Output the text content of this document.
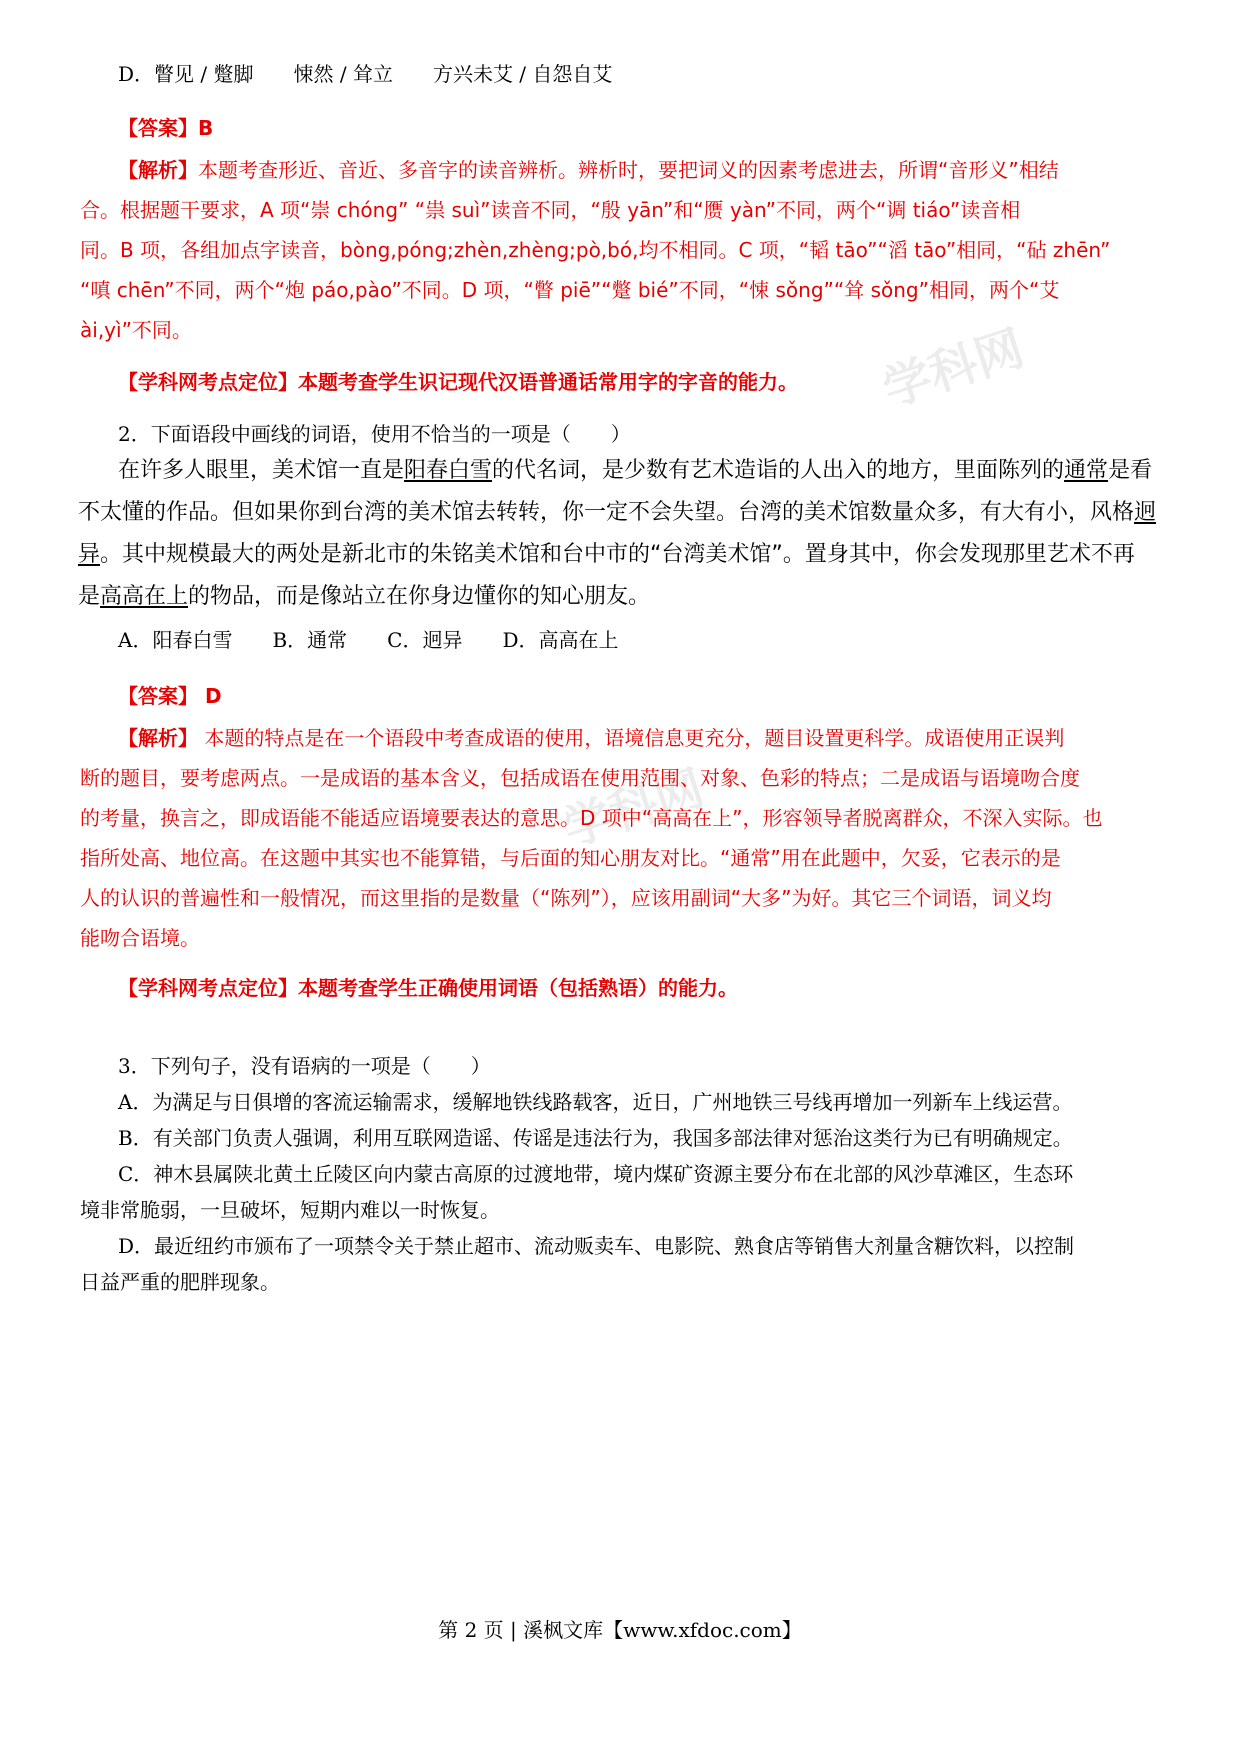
学科网
学科网
D．瞥见 / 蹩脚 悚然 / 耸立 方兴未艾 / 自怨自艾
【答案】B
【解析】本题考查形近、音近、多音字的读音辨析。辨析时，要把词义的因素考虑进去，所谓“音形义”相结
合。根据题干要求，A 项“崇 chóng” “祟 suì”读音不同，“殷 yān”和“赝 yàn”不同，两个“调 tiáo”读音相
同。B 项，各组加点字读音，bòng,póng;zhèn,zhèng;pò,bó,均不相同。C 项，“韬 tāo”“滔 tāo”相同，“砧 zhēn”
“嗔 chēn”不同，两个“炮 páo,pào”不同。D 项，“瞥 piē”“蹩 bié”不同，“悚 sǒng”“耸 sǒng”相同，两个“艾
ài,yì”不同。
【学科网考点定位】本题考查学生识记现代汉语普通话常用字的字音的能力。
2．下面语段中画线的词语，使用不恰当的一项是（　　）
在许多人眼里，美术馆一直是阳春白雪的代名词，是少数有艺术造诣的人出入的地方，里面陈列的通常是看
不太懂的作品。但如果你到台湾的美术馆去转转，你一定不会失望。台湾的美术馆数量众多，有大有小，风格迥
异。其中规模最大的两处是新北市的朱铭美术馆和台中市的“台湾美术馆”。置身其中，你会发现那里艺术不再
是高高在上的物品，而是像站立在你身边懂你的知心朋友。
A．阳春白雪 B．通常 C．迥异 D．高高在上
【答案】 D
【解析】 本题的特点是在一个语段中考查成语的使用，语境信息更充分，题目设置更科学。成语使用正误判
断的题目，要考虑两点。一是成语的基本含义，包括成语在使用范围、对象、色彩的特点；二是成语与语境吻合度
的考量，换言之，即成语能不能适应语境要表达的意思。D 项中“高高在上”，形容领导者脱离群众，不深入实际。也
指所处高、地位高。在这题中其实也不能算错，与后面的知心朋友对比。“通常”用在此题中，欠妥，它表示的是
人的认识的普遍性和一般情况，而这里指的是数量（“陈列”），应该用副词“大多”为好。其它三个词语，词义均
能吻合语境。
【学科网考点定位】本题考查学生正确使用词语（包括熟语）的能力。
3．下列句子，没有语病的一项是（　　）
A．为满足与日俱增的客流运输需求，缓解地铁线路载客，近日，广州地铁三号线再增加一列新车上线运营。
B．有关部门负责人强调，利用互联网造谣、传谣是违法行为，我国多部法律对惩治这类行为已有明确规定。
C．神木县属陕北黄土丘陵区向内蒙古高原的过渡地带，境内煤矿资源主要分布在北部的风沙草滩区，生态环
境非常脆弱，一旦破坏，短期内难以一时恢复。
D．最近纽约市颁布了一项禁令关于禁止超市、流动贩卖车、电影院、熟食店等销售大剂量含糖饮料，以控制
日益严重的肥胖现象。
第 2 页 | 溪枫文库【www.xfdoc.com】
